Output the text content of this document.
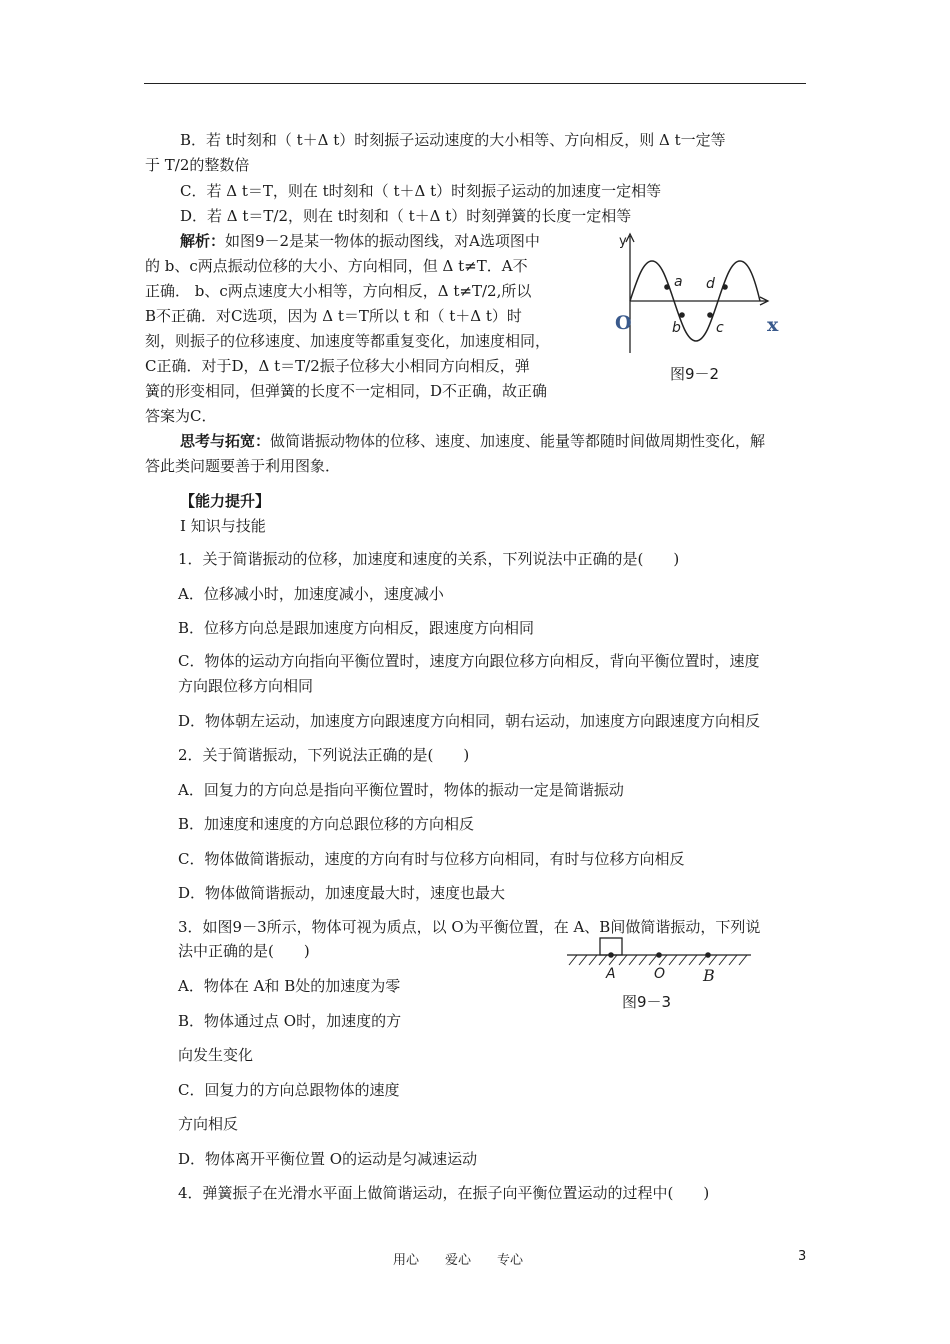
B．若 t时刻和（ t＋Δ t）时刻振子运动速度的大小相等、方向相反，则 Δ t一定等
于 T/2的整数倍
C．若 Δ t＝T，则在 t时刻和（ t＋Δ t）时刻振子运动的加速度一定相等
D．若 Δ t＝T/2，则在 t时刻和（ t＋Δ t）时刻弹簧的长度一定相等
解析：如图9－2是某一物体的振动图线，对A选项图中
的 b、c两点振动位移的大小、方向相同，但 Δ t≠T．A不
正确． b、c两点速度大小相等，方向相反，Δ t≠T/2,所以
B不正确．对C选项，因为 Δ t＝T所以 t 和（ t＋Δ t）时
刻，则振子的位移速度、加速度等都重复变化，加速度相同，
C正确．对于D，Δ t＝T/2振子位移大小相同方向相反，弹
簧的形变相同，但弹簧的长度不一定相同，D不正确，故正确
答案为C．
思考与拓宽：做简谐振动物体的位移、速度、加速度、能量等都随时间做周期性变化，解
答此类问题要善于利用图象．
【能力提升】
Ⅰ 知识与技能
1．关于简谐振动的位移，加速度和速度的关系，下列说法中正确的是(　　)
A．位移减小时，加速度减小，速度减小
B．位移方向总是跟加速度方向相反，跟速度方向相同
C．物体的运动方向指向平衡位置时，速度方向跟位移方向相反，背向平衡位置时，速度
方向跟位移方向相同
D．物体朝左运动，加速度方向跟速度方向相同，朝右运动，加速度方向跟速度方向相反
2．关于简谐振动，下列说法正确的是(　　)
A．回复力的方向总是指向平衡位置时，物体的振动一定是简谐振动
B．加速度和速度的方向总跟位移的方向相反
C．物体做简谐振动，速度的方向有时与位移方向相同，有时与位移方向相反
D．物体做简谐振动，加速度最大时，速度也最大
3．如图9－3所示，物体可视为质点，以 O为平衡位置，在 A、B间做简谐振动，下列说
法中正确的是(　　)
A．物体在 A和 B处的加速度为零
B．物体通过点 O时，加速度的方
向发生变化
C．回复力的方向总跟物体的速度
方向相反
D．物体离开平衡位置 O的运动是匀减速运动
4．弹簧振子在光滑水平面上做简谐运动，在振子向平衡位置运动的过程中(　　)
y
a d
b	c
O	x
图9－2
A	O B
图9－3
用心　　爱心　　专心	3
